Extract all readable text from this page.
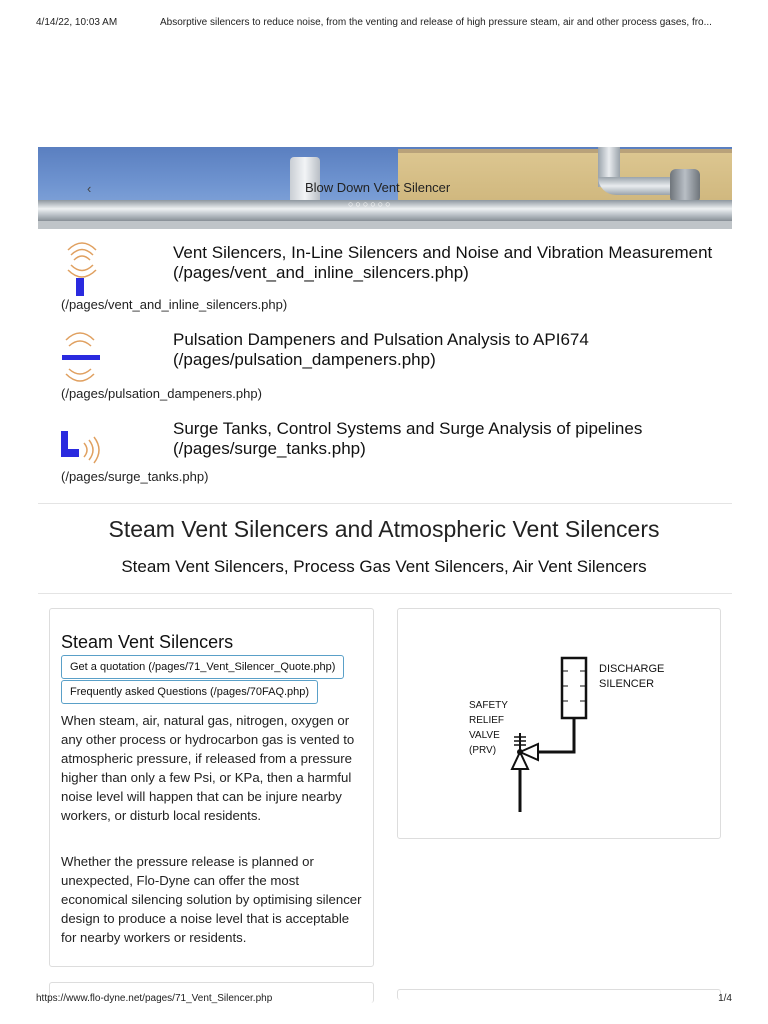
4/14/22, 10:03 AM	Absorptive silencers to reduce noise, from the venting and release of high pressure steam, air and other process gases, fro...
‹	Blow Down Vent Silencer
○○○○○○
Vent Silencers, In-Line Silencers and Noise and Vibration Measurement (/pages/vent_and_inline_silencers.php)
(/pages/vent_and_inline_silencers.php)
Pulsation Dampeners and Pulsation Analysis to API674 (/pages/pulsation_dampeners.php)
(/pages/pulsation_dampeners.php)
Surge Tanks, Control Systems and Surge Analysis of pipelines (/pages/surge_tanks.php)
(/pages/surge_tanks.php)
Steam Vent Silencers and Atmospheric Vent Silencers
Steam Vent Silencers, Process Gas Vent Silencers, Air Vent Silencers
Steam Vent Silencers
Get a quotation (/pages/71_Vent_Silencer_Quote.php)
Frequently asked Questions (/pages/70FAQ.php)
When steam, air, natural gas, nitrogen, oxygen or any other process or hydrocarbon gas is vented to atmospheric pressure, if released from a pressure higher than only a few Psi, or KPa, then a harmful noise level will happen that can be injure nearby workers, or disturb local residents.
Whether the pressure release is planned or unexpected, Flo-Dyne can offer the most economical silencing solution by optimising silencer design to produce a noise level that is acceptable for nearby workers or residents.
DISCHARGE
SILENCER
SAFETY
RELIEF
VALVE
(PRV)
https://www.flo-dyne.net/pages/71_Vent_Silencer.php	1/4
